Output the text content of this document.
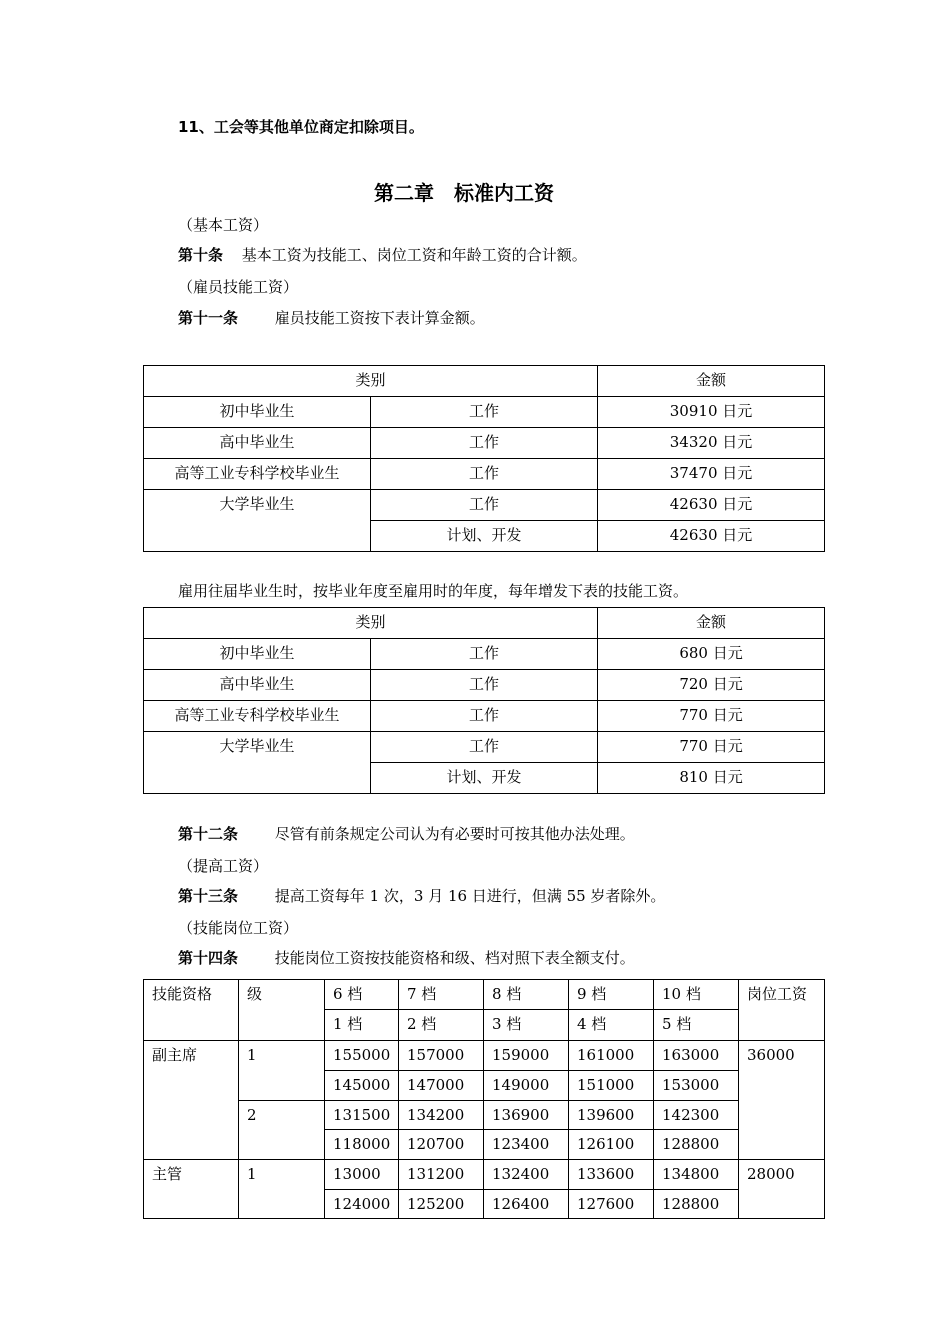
11、工会等其他单位商定扣除项目。
第二章　标准内工资
（基本工资）
第十条 基本工资为技能工、岗位工资和年龄工资的合计额。
（雇员技能工资）
第十一条 雇员技能工资按下表计算金额。
类别		金额
初中毕业生	工作	30910 日元
高中毕业生	工作	34320 日元
高等工业专科学校毕业生	工作	37470 日元
大学毕业生	工作	42630 日元
	计划、开发	42630 日元
雇用往届毕业生时，按毕业年度至雇用时的年度，每年增发下表的技能工资。
类别		金额
初中毕业生	工作	680 日元
高中毕业生	工作	720 日元
高等工业专科学校毕业生	工作	770 日元
大学毕业生	工作	770 日元
	计划、开发	810 日元
第十二条 尽管有前条规定公司认为有必要时可按其他办法处理。
（提高工资）
第十三条 提高工资每年 1 次，3 月 16 日进行，但满 55 岁者除外。
（技能岗位工资）
第十四条 技能岗位工资按技能资格和级、档对照下表全额支付。
技能资格	级	6 档	7 档	8 档	9 档	10 档	岗位工资
		1 档	2 档	3 档	4 档	5 档	
副主席	1	155000	157000	159000	161000	163000	36000
		145000	147000	149000	151000	153000	
	2	131500	134200	136900	139600	142300	
		118000	120700	123400	126100	128800	
主管	1	13000	131200	132400	133600	134800	28000
		124000	125200	126400	127600	128800	
